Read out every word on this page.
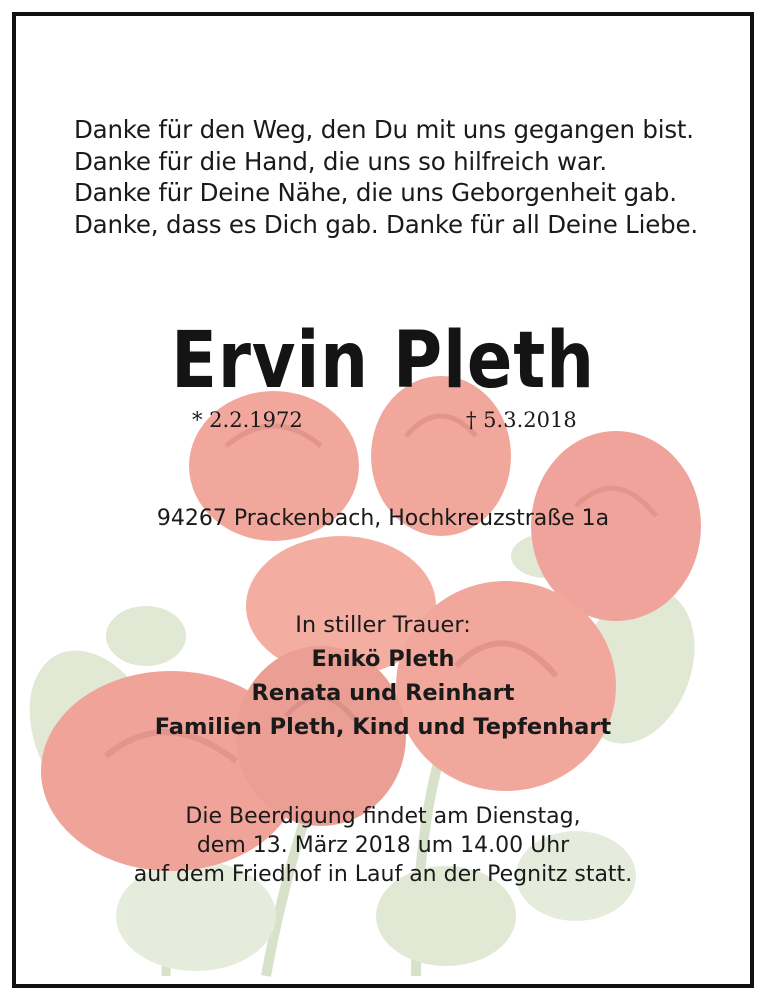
Danke für den Weg, den Du mit uns gegangen bist.
Danke für die Hand, die uns so hilfreich war.
Danke für Deine Nähe, die uns Geborgenheit gab.
Danke, dass es Dich gab. Danke für all Deine Liebe.
Ervin Pleth
* 2.2.1972	† 5.3.2018
94267 Prackenbach, Hochkreuzstraße 1a
In stiller Trauer:
Enikö Pleth
Renata und Reinhart
Familien Pleth, Kind und Tepfenhart
Die Beerdigung findet am Dienstag,
dem 13. März 2018 um 14.00 Uhr
auf dem Friedhof in Lauf an der Pegnitz statt.
